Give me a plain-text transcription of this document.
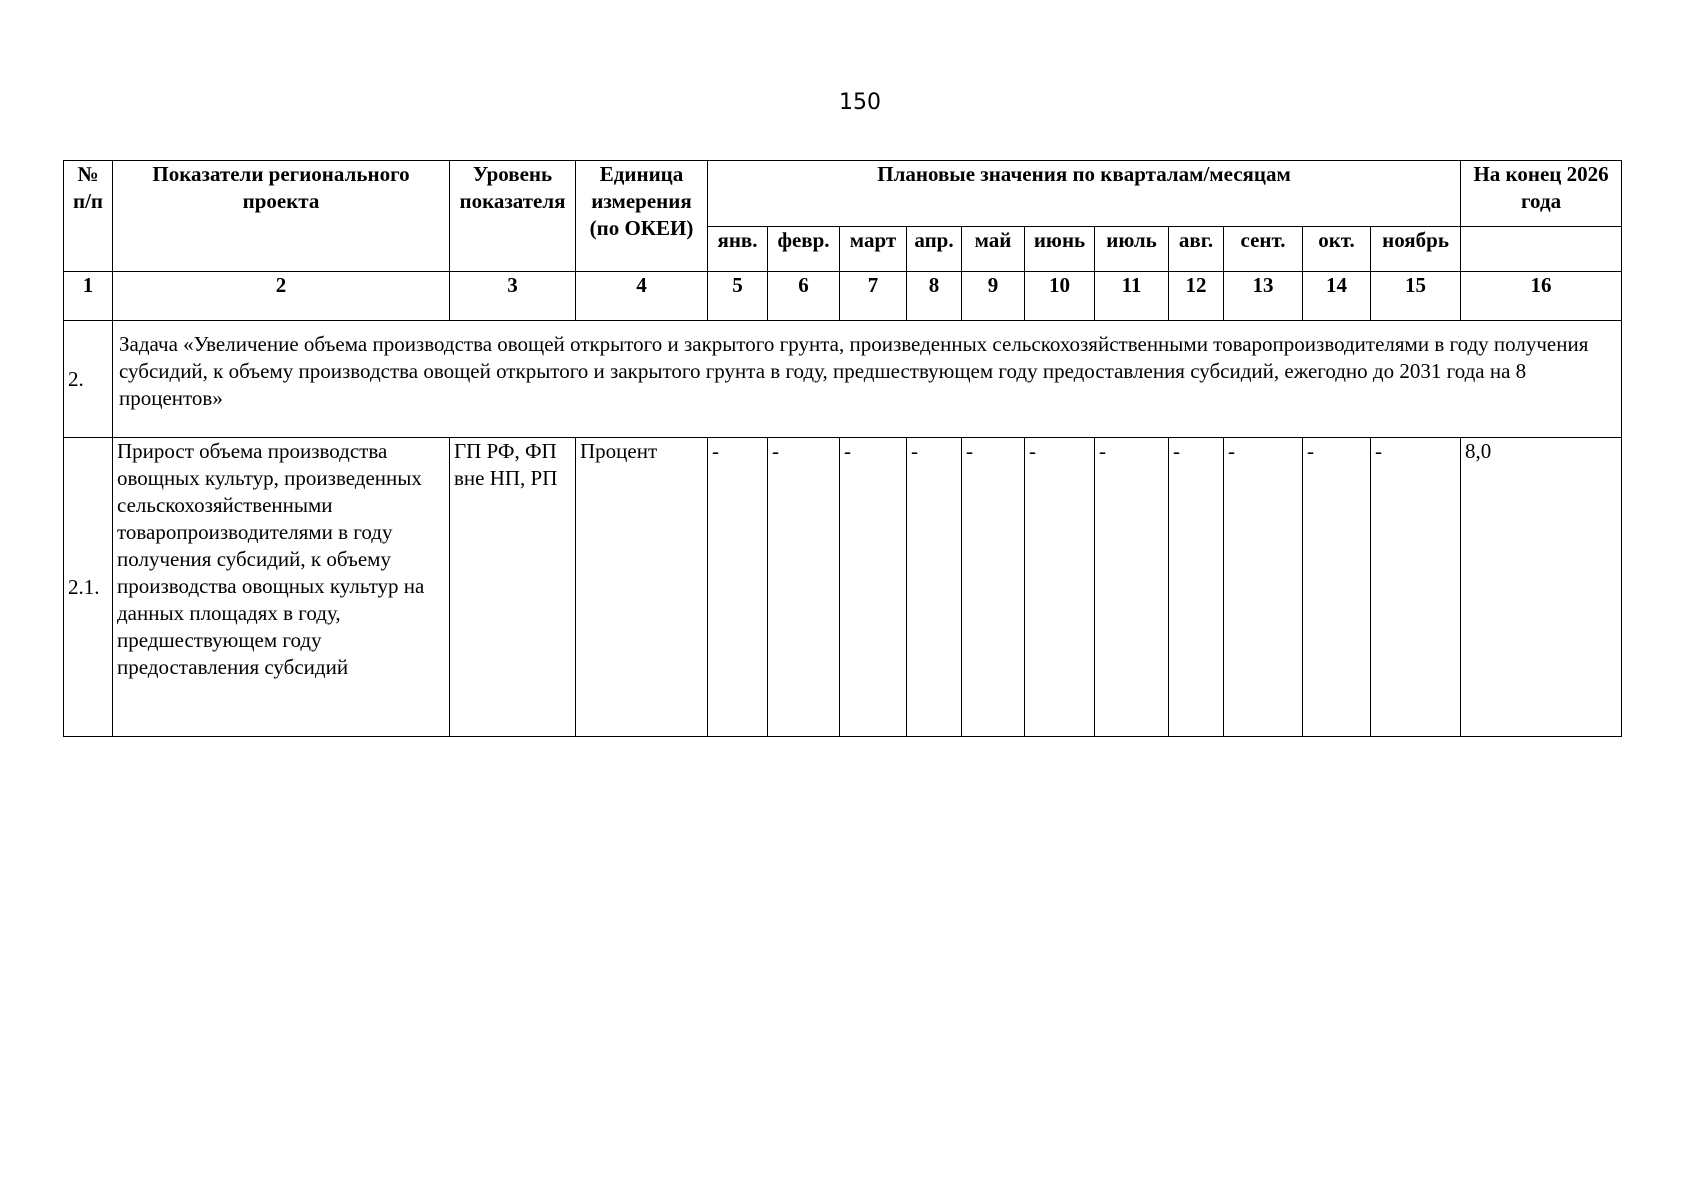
150
№ п/п	Показатели регионального проекта	Уровень показателя	Единица измерения (по ОКЕИ)	Плановые значения по кварталам/месяцам											На конец 2026 года
				янв.	февр.	март	апр.	май	июнь	июль	авг.	сент.	окт.	ноябрь	
1	2	3	4	5	6	7	8	9	10	11	12	13	14	15	16
2.	Задача «Увеличение объема производства овощей открытого и закрытого грунта, произведенных сельскохозяйственными товаропроизводителями в году получения субсидий, к объему производства овощей открытого и закрытого грунта в году, предшествующем году предоставления субсидий, ежегодно до 2031 года на 8 процентов»														
2.1.	Прирост объема производства овощных культур, произведенных сельскохозяйственными товаропроизводителями в году получения субсидий, к объему производства овощных культур на данных площадях в году, предшествующем году предоставления субсидий	ГП РФ, ФП вне НП, РП	Процент	-	-	-	-	-	-	-	-	-	-	-	8,0
